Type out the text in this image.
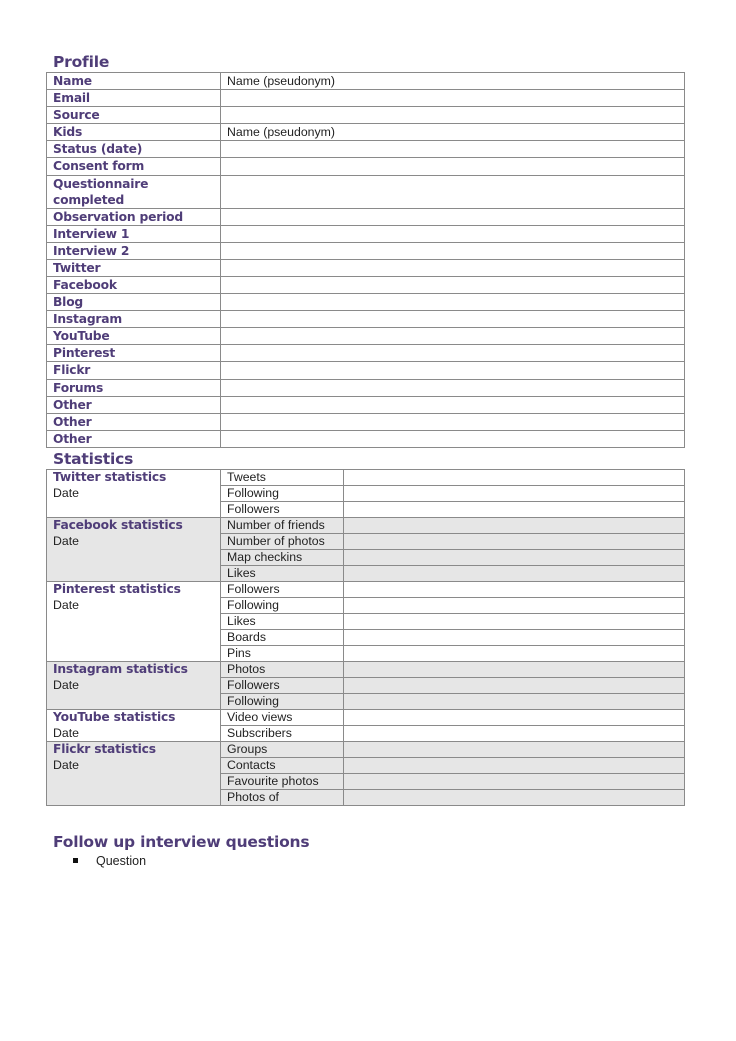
Profile
Name	Name (pseudonym)
Email	
Source	
Kids	Name (pseudonym)
Status (date)	
Consent form	
Questionnaire completed	
Observation period	
Interview 1	
Interview 2	
Twitter	
Facebook	
Blog	
Instagram	
YouTube	
Pinterest	
Flickr	
Forums	
Other	
Other	
Other	
Statistics
Twitter statistics
Date	Tweets	
	Following	
	Followers	
Facebook statistics
Date	Number of friends	
	Number of photos	
	Map checkins	
	Likes	
Pinterest statistics
Date	Followers	
	Following	
	Likes	
	Boards	
	Pins	
Instagram statistics
Date	Photos	
	Followers	
	Following	
YouTube statistics
Date	Video views	
	Subscribers	
Flickr statistics
Date	Groups	
	Contacts	
	Favourite photos	
	Photos of	
Follow up interview questions
Question
